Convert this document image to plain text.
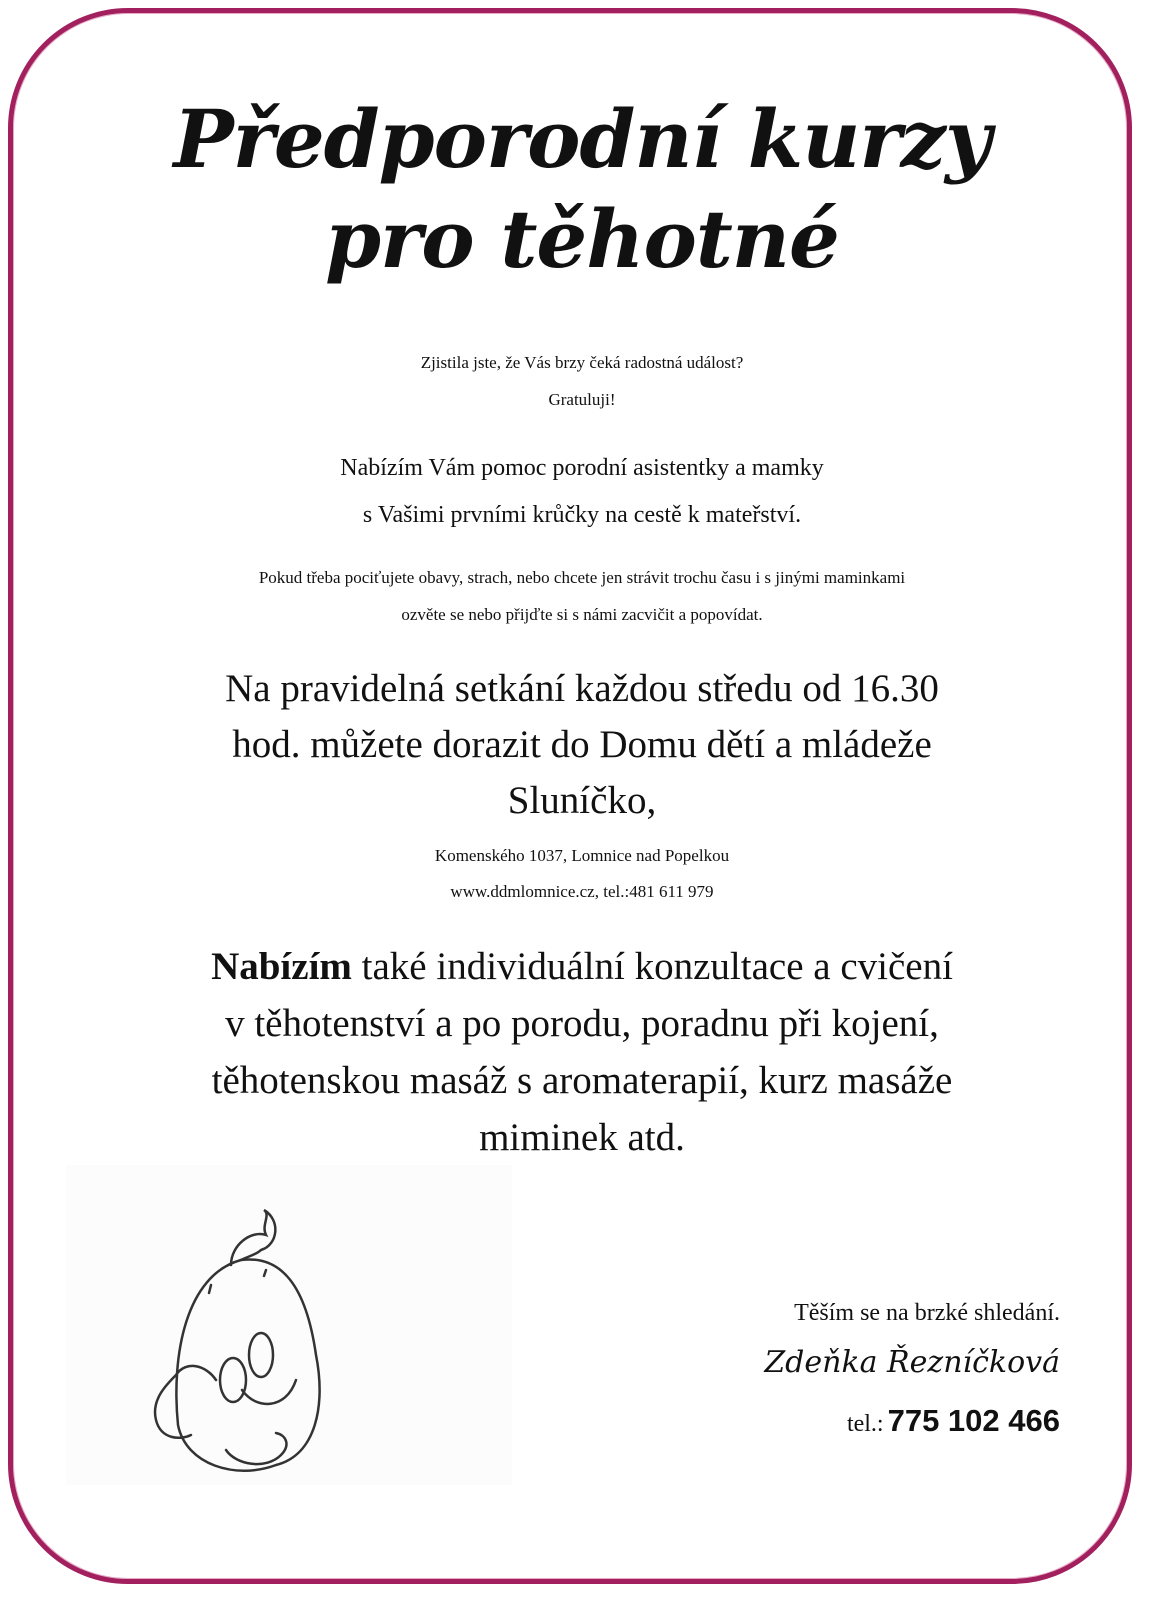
Předporodní kurzy
pro těhotné
Zjistila jste, že Vás brzy čeká radostná událost?
Gratuluji!
Nabízím Vám pomoc porodní asistentky a mamky
s Vašimi prvními krůčky na cestě k mateřství.
Pokud třeba pociťujete obavy, strach, nebo chcete jen strávit trochu času i s jinými maminkami
ozvěte se nebo přijďte si s námi zacvičit a popovídat.
Na pravidelná setkání každou středu od 16.30
hod. můžete dorazit do Domu dětí a mládeže
Sluníčko,
Komenského 1037, Lomnice nad Popelkou
www.ddmlomnice.cz, tel.:481 611 979
Nabízím také individuální konzultace a cvičení
v těhotenství a po porodu, poradnu při kojení,
těhotenskou masáž s aromaterapií, kurz masáže
miminek atd.
Těším se na brzké shledání.
Zdeňka Řezníčková
tel.: 775 102 466
